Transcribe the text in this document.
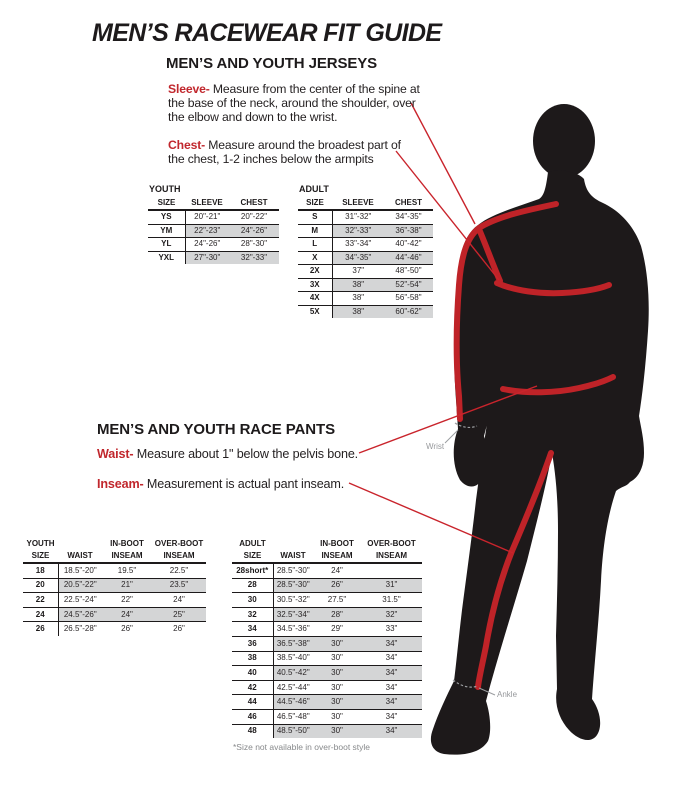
MEN’S RACEWEAR FIT GUIDE
MEN’S AND YOUTH JERSEYS
Sleeve- Measure from the center of the spine at the base of the neck, around the shoulder, over the elbow and down to the wrist.
Chest- Measure around the broadest part of the chest, 1-2 inches below the armpits
YOUTH
SIZE	SLEEVE	CHEST
YS	20"-21"	20"-22"
YM	22"-23"	24"-26"
YL	24"-26"	28"-30"
YXL	27"-30"	32"-33"
ADULT
SIZE	SLEEVE	CHEST
S	31"-32"	34"-35"
M	32"-33"	36"-38"
L	33"-34"	40"-42"
X	34"-35"	44"-46"
2X	37"	48"-50"
3X	38"	52"-54"
4X	38"	56"-58"
5X	38"	60"-62"
MEN’S AND YOUTH RACE PANTS
Waist- Measure about 1" below the pelvis bone.
Inseam- Measurement is actual pant inseam.
YOUTH		IN-BOOT	OVER-BOOT
SIZE	WAIST	INSEAM	INSEAM
18	18.5"-20"	19.5"	22.5"
20	20.5"-22"	21"	23.5"
22	22.5"-24"	22"	24"
24	24.5"-26"	24"	25"
26	26.5"-28"	26"	26"
ADULT		IN-BOOT	OVER-BOOT
SIZE	WAIST	INSEAM	INSEAM
28short*	28.5"-30"	24"	
28	28.5"-30"	26"	31"
30	30.5"-32"	27.5"	31.5"
32	32.5"-34"	28"	32"
34	34.5"-36"	29"	33"
36	36.5"-38"	30"	34"
38	38.5"-40"	30"	34"
40	40.5"-42"	30"	34"
42	42.5"-44"	30"	34"
44	44.5"-46"	30"	34"
46	46.5"-48"	30"	34"
48	48.5"-50"	30"	34"
*Size not available in over-boot style
Wrist
Ankle
